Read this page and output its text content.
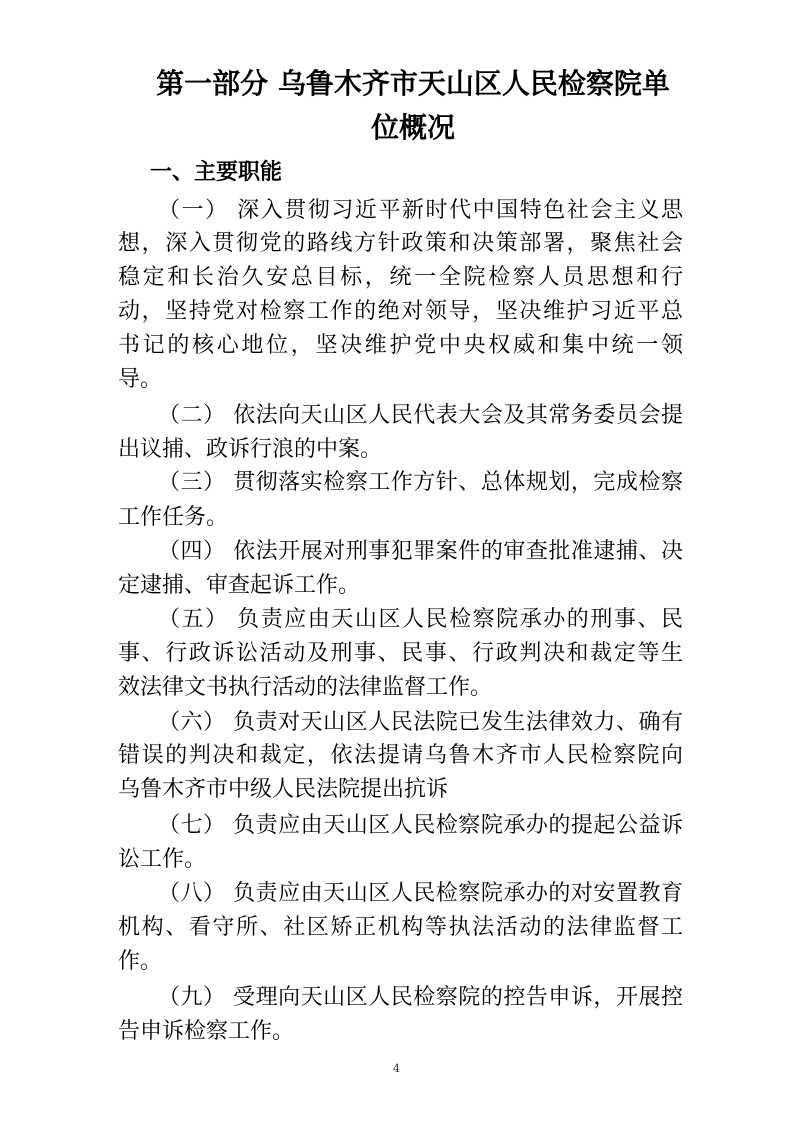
第一部分 乌鲁木齐市天山区人民检察院单
位概况
一、主要职能
（一） 深入贯彻习近平新时代中国特色社会主义思
想，深入贯彻党的路线方针政策和决策部署，聚焦社会
稳定和长治久安总目标，统一全院检察人员思想和行
动，坚持党对检察工作的绝对领导，坚决维护习近平总
书记的核心地位，坚决维护党中央权威和集中统一领
导。
（二） 依法向天山区人民代表大会及其常务委员会提
出议捕、政诉行浪的中案。
（三） 贯彻落实检察工作方针、总体规划，完成检察
工作任务。
（四） 依法开展对刑事犯罪案件的审查批准逮捕、决
定逮捕、审查起诉工作。
（五） 负责应由天山区人民检察院承办的刑事、民
事、行政诉讼活动及刑事、民事、行政判决和裁定等生
效法律文书执行活动的法律监督工作。
（六） 负责对天山区人民法院已发生法律效力、确有
错误的判决和裁定，依法提请乌鲁木齐市人民检察院向
乌鲁木齐市中级人民法院提出抗诉
（七） 负责应由天山区人民检察院承办的提起公益诉
讼工作。
（八） 负责应由天山区人民检察院承办的对安置教育
机构、看守所、社区矫正机构等执法活动的法律监督工
作。
（九） 受理向天山区人民检察院的控告申诉，开展控
告申诉检察工作。
4
